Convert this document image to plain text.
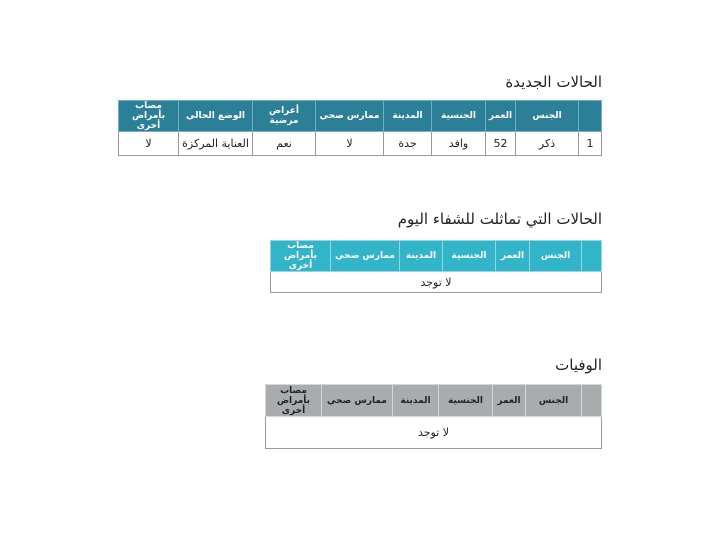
الحالات الجديدة
	الجنس	العمر	الجنسية	المدينة	ممارس صحي	أعراض مرضية	الوضع الحالي	مصاب بأمراض أخرى
1	ذكر	52	وافد	جدة	لا	نعم	العناية المركزة	لا
الحالات التي تماثلت للشفاء اليوم
	الجنس	العمر	الجنسية	المدينة	ممارس صحي	مصاب بأمراض أخرى
لا توجد
الوفيات
	الجنس	العمر	الجنسية	المدينة	ممارس صحي	مصاب بأمراض أخرى
لا توجد
